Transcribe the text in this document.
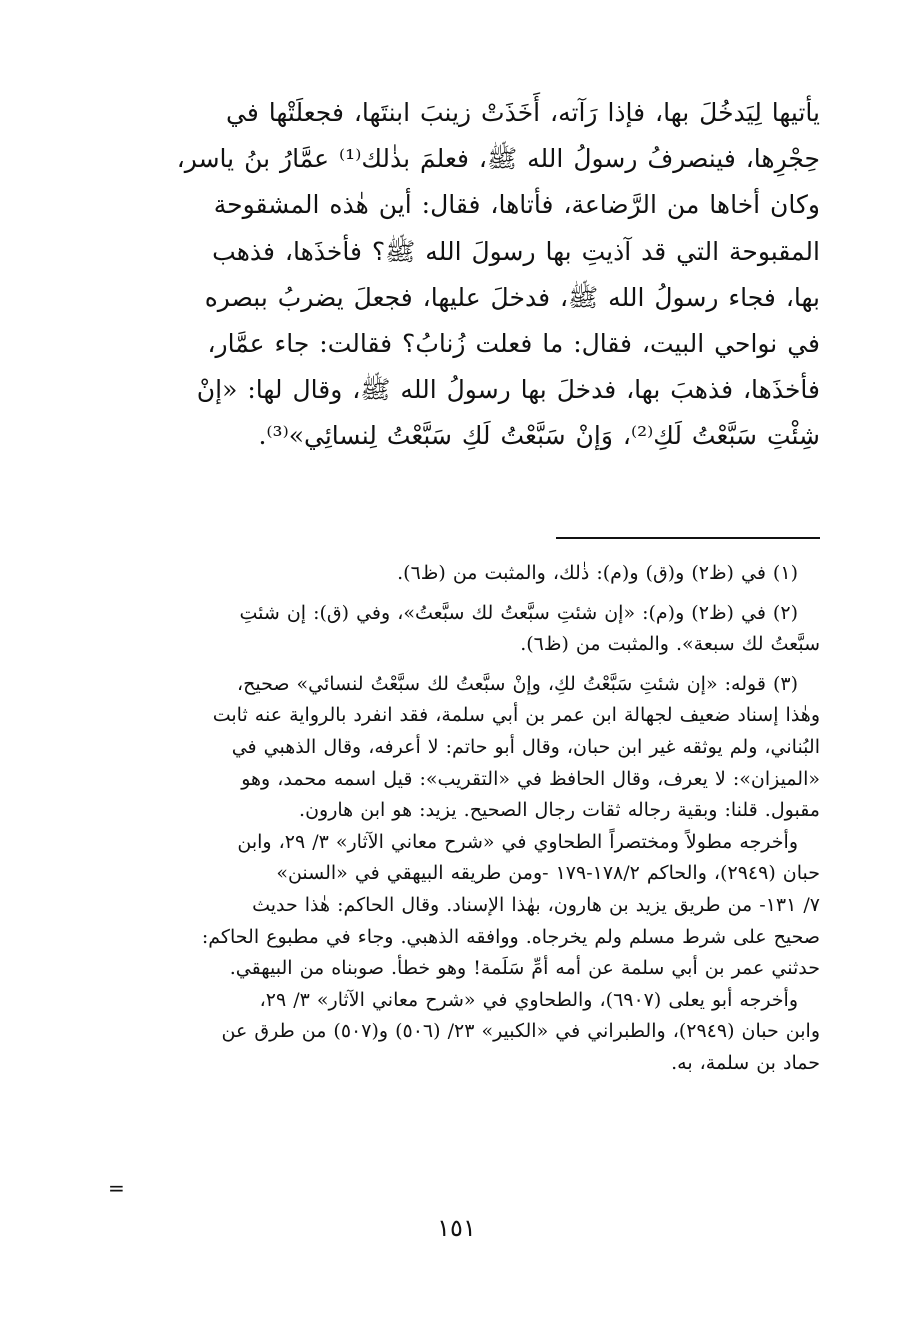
يأتيها لِيَدخُلَ بها، فإذا رَآته، أَخَذَتْ زينبَ ابنتَها، فجعلَتْها في

حِجْرِها، فينصرفُ رسولُ الله ﷺ، فعلمَ بذٰلك⁽¹⁾ عمَّارُ بنُ ياسر،

وكان أخاها من الرَّضاعة، فأتاها، فقال: أين هٰذه المشقوحة

المقبوحة التي قد آذيتِ بها رسولَ الله ﷺ؟ فأخذَها، فذهب

بها، فجاء رسولُ الله ﷺ، فدخلَ عليها، فجعلَ يضربُ ببصره

في نواحي البيت، فقال: ما فعلت زُنابُ؟ فقالت: جاء عمَّار،

فأخذَها، فذهبَ بها، فدخلَ بها رسولُ الله ﷺ، وقال لها: «إنْ

شِئْتِ سَبَّعْتُ لَكِ⁽²⁾، وَإنْ سَبَّعْتُ لَكِ سَبَّعْتُ لِنسائِي»⁽³⁾.

(١) في (ظ٢) و(ق) و(م): ذٰلك، والمثبت من (ظ٦).

(٢) في (ظ٢) و(م): «إن شئتِ سبَّعتُ لك سبَّعتُ»، وفي (ق): إن شئتِ

سبَّعتُ لك سبعة». والمثبت من (ظ٦).

(٣) قوله: «إن شئتِ سَبَّعْتُ لكِ، وإنْ سبَّعتُ لك سبَّعْتُ لنسائي» صحيح،

وهٰذا إسناد ضعيف لجهالة ابن عمر بن أبي سلمة، فقد انفرد بالرواية عنه ثابت

البُناني، ولم يوثقه غير ابن حبان، وقال أبو حاتم: لا أعرفه، وقال الذهبي في

«الميزان»: لا يعرف، وقال الحافظ في «التقريب»: قيل اسمه محمد، وهو

مقبول. قلنا: وبقية رجاله ثقات رجال الصحيح. يزيد: هو ابن هارون.

وأخرجه مطولاً ومختصراً الطحاوي في «شرح معاني الآثار» ٣/ ٢٩، وابن

حبان (٢٩٤٩)، والحاكم ١٧٨/٢-١٧٩ -ومن طريقه البيهقي في «السنن»

٧/ ١٣١- من طريق يزيد بن هارون، بهٰذا الإسناد. وقال الحاكم: هٰذا حديث

صحيح على شرط مسلم ولم يخرجاه. ووافقه الذهبي. وجاء في مطبوع الحاكم:

حدثني عمر بن أبي سلمة عن أمه أمِّ سَلَمة! وهو خطأ. صوبناه من البيهقي.

وأخرجه أبو يعلى (٦٩٠٧)، والطحاوي في «شرح معاني الآثار» ٣/ ٢٩،

وابن حبان (٢٩٤٩)، والطبراني في «الكبير» ٢٣/ (٥٠٦) و(٥٠٧) من طرق عن

حماد بن سلمة، به.

=
١٥١
